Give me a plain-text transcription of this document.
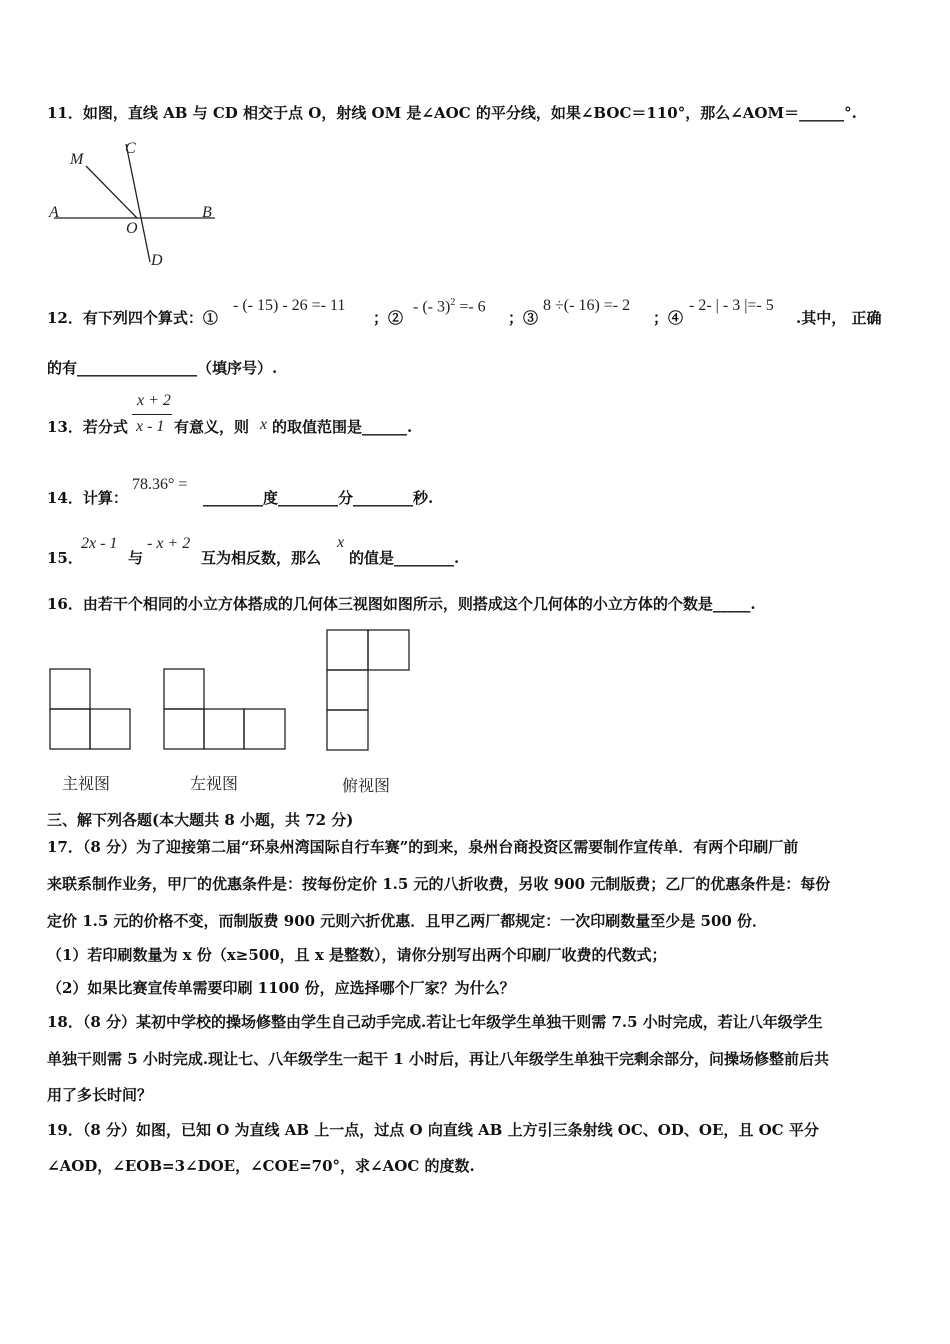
11．如图，直线 AB 与 CD 相交于点 O，射线 OM 是∠AOC 的平分线，如果∠BOC＝110°，那么∠AOM＝______°.
M
C
A
O
B
D
12．有下列四个算式：①
- (- 15) - 26 =- 11
；②
- (- 3)$^2$ =- 6
；③
8 ÷(- 16) =- 2
；④
- 2- | - 3 |=- 5
.其中， 正确
的有________________（填序号）.
13．若分式
x + 2
x - 1 有意义，则 x 的取值范围是______.
14．计算：
78.36° =
________度________分________秒.
15．
2x - 1
与
- x + 2
互为相反数，那么
x
的值是________.
16．由若干个相同的小立方体搭成的几何体三视图如图所示，则搭成这个几何体的小立方体的个数是_____.
主视图	左视图	俯视图
三、解下列各题(本大题共 8 小题，共 72 分)
17．（8 分）为了迎接第二届“环泉州湾国际自行车赛”的到来，泉州台商投资区需要制作宣传单．有两个印刷厂前
来联系制作业务，甲厂的优惠条件是：按每份定价 1.5 元的八折收费，另收 900 元制版费；乙厂的优惠条件是：每份
定价 1.5 元的价格不变，而制版费 900 元则六折优惠．且甲乙两厂都规定：一次印刷数量至少是 500 份．
（1）若印刷数量为 x 份（x≥500，且 x 是整数），请你分别写出两个印刷厂收费的代数式；
（2）如果比赛宣传单需要印刷 1100 份，应选择哪个厂家？为什么？
18．（8 分）某初中学校的操场修整由学生自己动手完成.若让七年级学生单独干则需 7.5 小时完成，若让八年级学生
单独干则需 5 小时完成.现让七、八年级学生一起干 1 小时后，再让八年级学生单独干完剩余部分，问操场修整前后共
用了多长时间？
19．（8 分）如图，已知 O 为直线 AB 上一点，过点 O 向直线 AB 上方引三条射线 OC、OD、OE，且 OC 平分
∠AOD，∠EOB=3∠DOE，∠COE=70°，求∠AOC 的度数.
